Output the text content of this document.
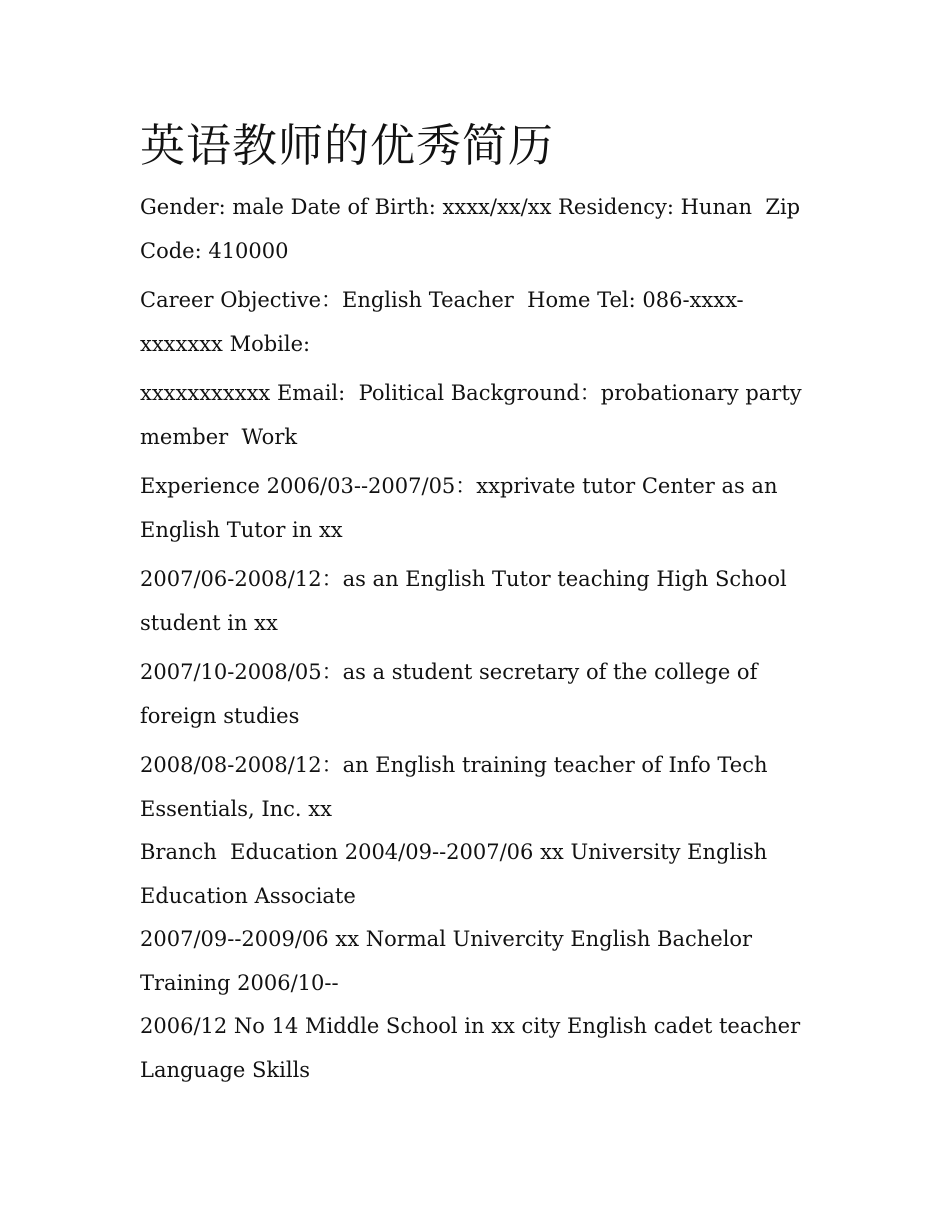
英语教师的优秀简历

Gender: male Date of Birth: xxxx/xx/xx Residency: Hunan  Zip Code: 410000

Career Objective：English Teacher  Home Tel: 086-xxxx-xxxxxxx Mobile:

xxxxxxxxxxx Email:  Political Background：probationary party member  Work

Experience 2006/03--2007/05：xxprivate tutor Center as an English Tutor in xx

2007/06-2008/12：as an English Tutor teaching High School student in xx

2007/10-2008/05：as a student secretary of the college of foreign studies

2008/08-2008/12：an English training teacher of Info Tech Essentials, Inc. xx

Branch  Education 2004/09--2007/06 xx University English Education Associate

2007/09--2009/06 xx Normal Univercity English Bachelor Training 2006/10--

2006/12 No 14 Middle School in xx city English cadet teacher Language Skills
